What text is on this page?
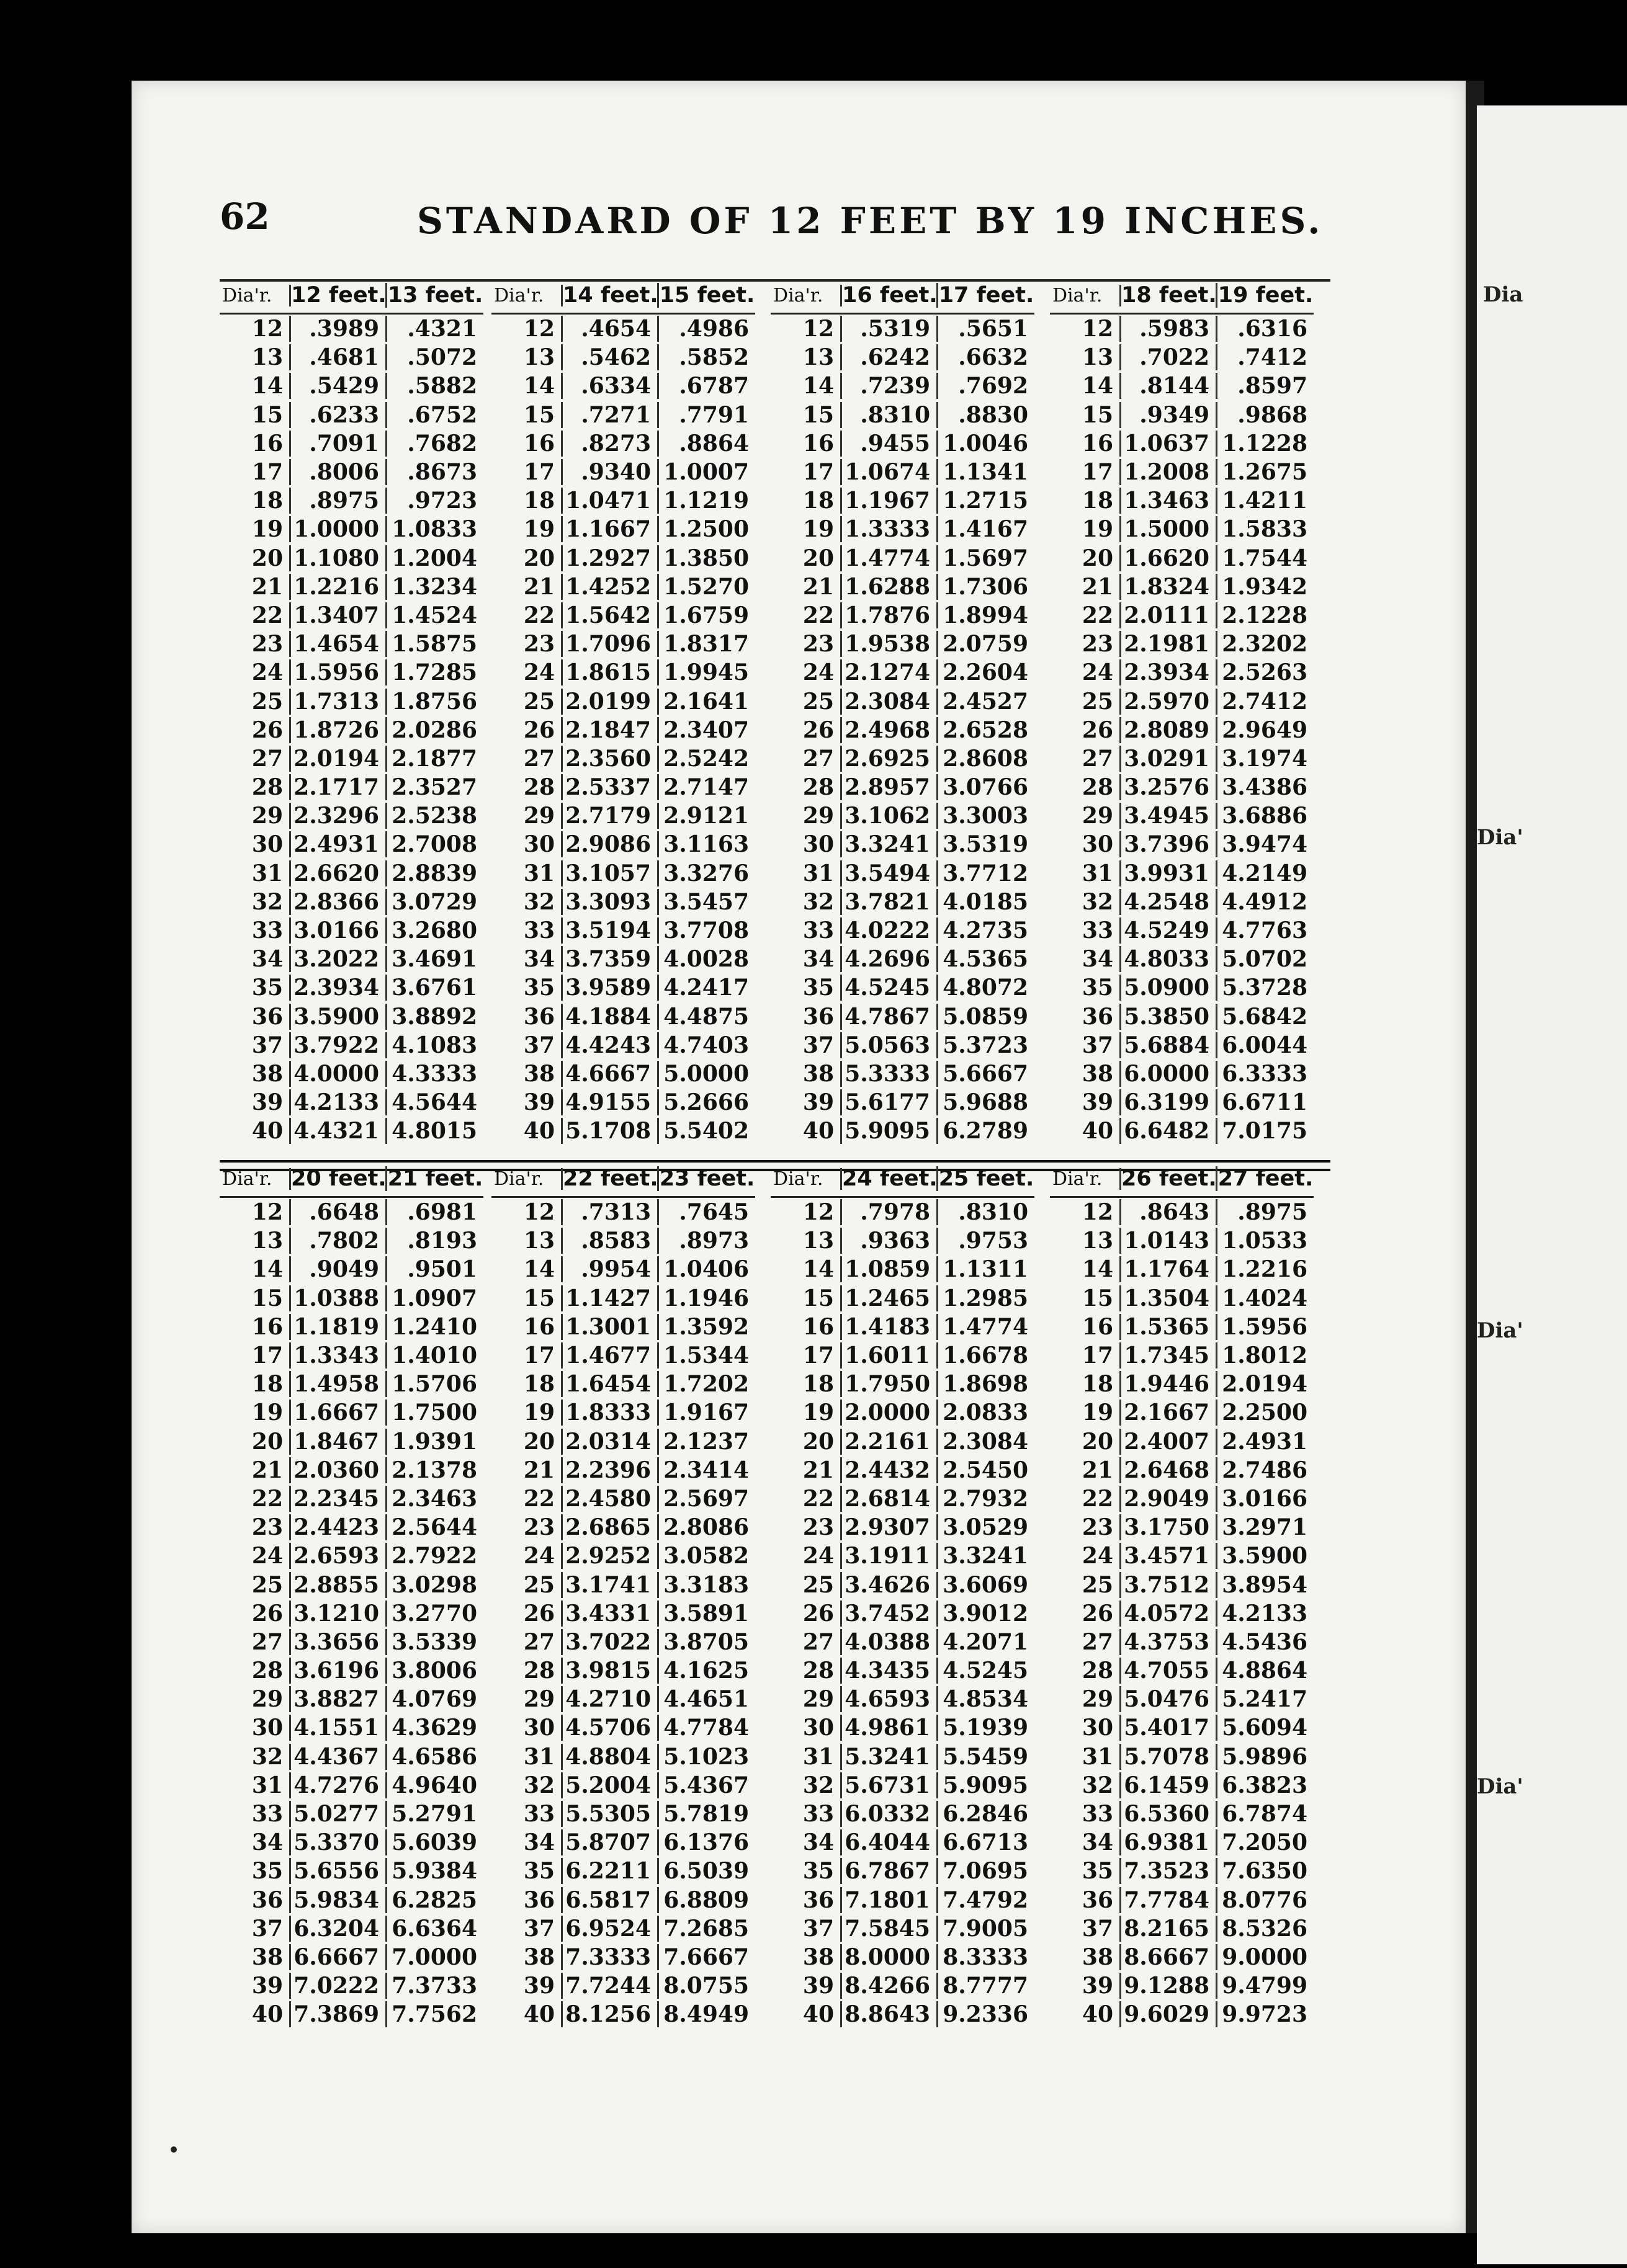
Dia
Dia'
Dia'
Dia'
62	STANDARD OF 12 FEET BY 19 INCHES.
Dia'r. 12 feet. 13 feet.
12	.3989	.4321
13	.4681	.5072
14	.5429	.5882
15	.6233	.6752
16	.7091	.7682
17	.8006	.8673
18	.8975	.9723
19 1.0000 1.0833
20 1.1080 1.2004
21 1.2216 1.3234
22 1.3407 1.4524
23 1.4654 1.5875
24 1.5956 1.7285
25 1.7313 1.8756
26 1.8726 2.0286
27 2.0194 2.1877
28 2.1717 2.3527
29 2.3296 2.5238
30 2.4931 2.7008
31 2.6620 2.8839
32 2.8366 3.0729
33 3.0166 3.2680
34 3.2022 3.4691
35 2.3934 3.6761
36 3.5900 3.8892
37 3.7922 4.1083
38 4.0000 4.3333
39 4.2133 4.5644
40 4.4321 4.8015
Dia'r. 14 feet. 15 feet.
12	.4654	.4986
13	.5462	.5852
14	.6334	.6787
15	.7271	.7791
16	.8273	.8864
17	.9340 1.0007
18 1.0471 1.1219
19 1.1667 1.2500
20 1.2927 1.3850
21 1.4252 1.5270
22 1.5642 1.6759
23 1.7096 1.8317
24 1.8615 1.9945
25 2.0199 2.1641
26 2.1847 2.3407
27 2.3560 2.5242
28 2.5337 2.7147
29 2.7179 2.9121
30 2.9086 3.1163
31 3.1057 3.3276
32 3.3093 3.5457
33 3.5194 3.7708
34 3.7359 4.0028
35 3.9589 4.2417
36 4.1884 4.4875
37 4.4243 4.7403
38 4.6667 5.0000
39 4.9155 5.2666
40 5.1708 5.5402
Dia'r. 16 feet. 17 feet.
12	.5319	.5651
13	.6242	.6632
14	.7239	.7692
15	.8310	.8830
16	.9455 1.0046
17 1.0674 1.1341
18 1.1967 1.2715
19 1.3333 1.4167
20 1.4774 1.5697
21 1.6288 1.7306
22 1.7876 1.8994
23 1.9538 2.0759
24 2.1274 2.2604
25 2.3084 2.4527
26 2.4968 2.6528
27 2.6925 2.8608
28 2.8957 3.0766
29 3.1062 3.3003
30 3.3241 3.5319
31 3.5494 3.7712
32 3.7821 4.0185
33 4.0222 4.2735
34 4.2696 4.5365
35 4.5245 4.8072
36 4.7867 5.0859
37 5.0563 5.3723
38 5.3333 5.6667
39 5.6177 5.9688
40 5.9095 6.2789
Dia'r. 18 feet. 19 feet.
12	.5983	.6316
13	.7022	.7412
14	.8144	.8597
15	.9349	.9868
16 1.0637 1.1228
17 1.2008 1.2675
18 1.3463 1.4211
19 1.5000 1.5833
20 1.6620 1.7544
21 1.8324 1.9342
22 2.0111 2.1228
23 2.1981 2.3202
24 2.3934 2.5263
25 2.5970 2.7412
26 2.8089 2.9649
27 3.0291 3.1974
28 3.2576 3.4386
29 3.4945 3.6886
30 3.7396 3.9474
31 3.9931 4.2149
32 4.2548 4.4912
33 4.5249 4.7763
34 4.8033 5.0702
35 5.0900 5.3728
36 5.3850 5.6842
37 5.6884 6.0044
38 6.0000 6.3333
39 6.3199 6.6711
40 6.6482 7.0175
Dia'r. 20 feet. 21 feet.
12	.6648	.6981
13	.7802	.8193
14	.9049	.9501
15 1.0388 1.0907
16 1.1819 1.2410
17 1.3343 1.4010
18 1.4958 1.5706
19 1.6667 1.7500
20 1.8467 1.9391
21 2.0360 2.1378
22 2.2345 2.3463
23 2.4423 2.5644
24 2.6593 2.7922
25 2.8855 3.0298
26 3.1210 3.2770
27 3.3656 3.5339
28 3.6196 3.8006
29 3.8827 4.0769
30 4.1551 4.3629
32 4.4367 4.6586
31 4.7276 4.9640
33 5.0277 5.2791
34 5.3370 5.6039
35 5.6556 5.9384
36 5.9834 6.2825
37 6.3204 6.6364
38 6.6667 7.0000
39 7.0222 7.3733
40 7.3869 7.7562
Dia'r. 22 feet. 23 feet.
12	.7313	.7645
13	.8583	.8973
14	.9954 1.0406
15 1.1427 1.1946
16 1.3001 1.3592
17 1.4677 1.5344
18 1.6454 1.7202
19 1.8333 1.9167
20 2.0314 2.1237
21 2.2396 2.3414
22 2.4580 2.5697
23 2.6865 2.8086
24 2.9252 3.0582
25 3.1741 3.3183
26 3.4331 3.5891
27 3.7022 3.8705
28 3.9815 4.1625
29 4.2710 4.4651
30 4.5706 4.7784
31 4.8804 5.1023
32 5.2004 5.4367
33 5.5305 5.7819
34 5.8707 6.1376
35 6.2211 6.5039
36 6.5817 6.8809
37 6.9524 7.2685
38 7.3333 7.6667
39 7.7244 8.0755
40 8.1256 8.4949
Dia'r. 24 feet. 25 feet.
12	.7978	.8310
13	.9363	.9753
14 1.0859 1.1311
15 1.2465 1.2985
16 1.4183 1.4774
17 1.6011 1.6678
18 1.7950 1.8698
19 2.0000 2.0833
20 2.2161 2.3084
21 2.4432 2.5450
22 2.6814 2.7932
23 2.9307 3.0529
24 3.1911 3.3241
25 3.4626 3.6069
26 3.7452 3.9012
27 4.0388 4.2071
28 4.3435 4.5245
29 4.6593 4.8534
30 4.9861 5.1939
31 5.3241 5.5459
32 5.6731 5.9095
33 6.0332 6.2846
34 6.4044 6.6713
35 6.7867 7.0695
36 7.1801 7.4792
37 7.5845 7.9005
38 8.0000 8.3333
39 8.4266 8.7777
40 8.8643 9.2336
Dia'r. 26 feet. 27 feet.
12	.8643	.8975
13 1.0143 1.0533
14 1.1764 1.2216
15 1.3504 1.4024
16 1.5365 1.5956
17 1.7345 1.8012
18 1.9446 2.0194
19 2.1667 2.2500
20 2.4007 2.4931
21 2.6468 2.7486
22 2.9049 3.0166
23 3.1750 3.2971
24 3.4571 3.5900
25 3.7512 3.8954
26 4.0572 4.2133
27 4.3753 4.5436
28 4.7055 4.8864
29 5.0476 5.2417
30 5.4017 5.6094
31 5.7078 5.9896
32 6.1459 6.3823
33 6.5360 6.7874
34 6.9381 7.2050
35 7.3523 7.6350
36 7.7784 8.0776
37 8.2165 8.5326
38 8.6667 9.0000
39 9.1288 9.4799
40 9.6029 9.9723
